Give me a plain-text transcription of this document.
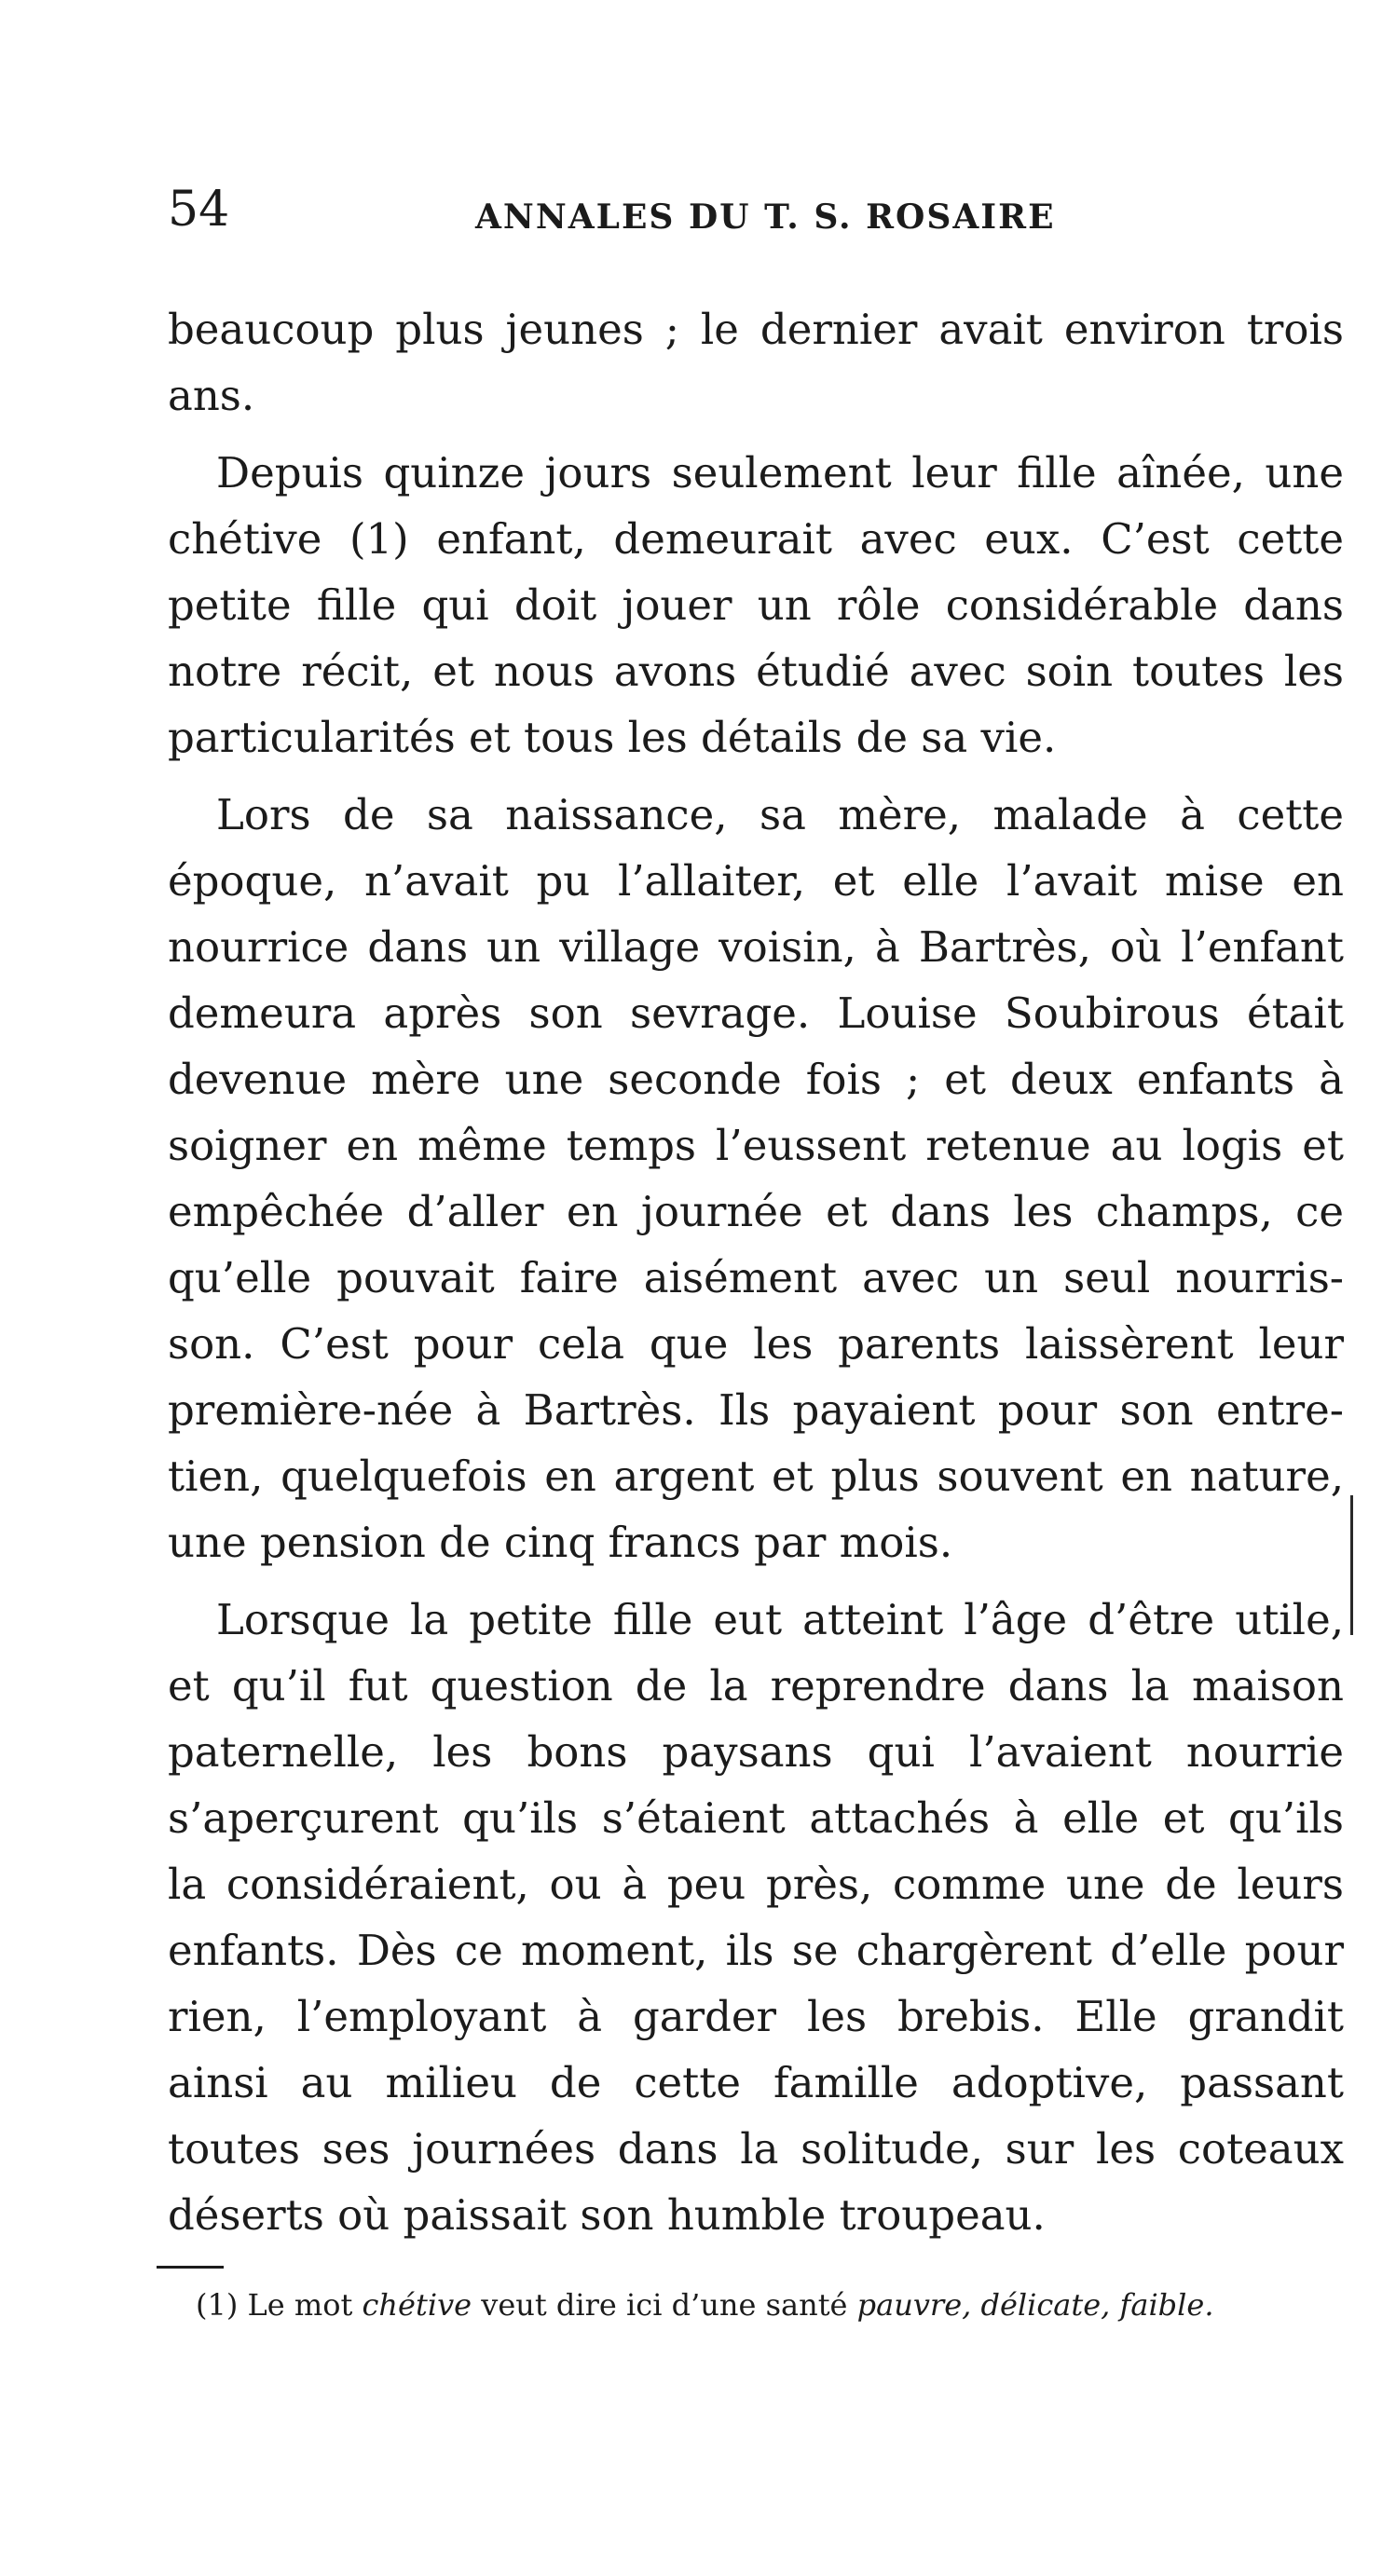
54	ANNALES DU T. S. ROSAIRE

beaucoup plus jeunes ; le dernier avait environ trois
ans.

Depuis quinze jours seulement leur fille aînée, une
chétive (1) enfant, demeurait avec eux. C’est cette
petite fille qui doit jouer un rôle considérable dans
notre récit, et nous avons étudié avec soin toutes les
particularités et tous les détails de sa vie.

Lors de sa naissance, sa mère, malade à cette
époque, n’avait pu l’allaiter, et elle l’avait mise en
nourrice dans un village voisin, à Bartrès, où l’enfant
demeura après son sevrage. Louise Soubirous était
devenue mère une seconde fois ; et deux enfants à
soigner en même temps l’eussent retenue au logis et
empêchée d’aller en journée et dans les champs, ce
qu’elle pouvait faire aisément avec un seul nourris-
son. C’est pour cela que les parents laissèrent leur
première-née à Bartrès. Ils payaient pour son entre-
tien, quelquefois en argent et plus souvent en nature,
une pension de cinq francs par mois.

Lorsque la petite fille eut atteint l’âge d’être utile,
et qu’il fut question de la reprendre dans la maison
paternelle, les bons paysans qui l’avaient nourrie
s’aperçurent qu’ils s’étaient attachés à elle et qu’ils
la considéraient, ou à peu près, comme une de leurs
enfants. Dès ce moment, ils se chargèrent d’elle pour
rien, l’employant à garder les brebis. Elle grandit
ainsi au milieu de cette famille adoptive, passant
toutes ses journées dans la solitude, sur les coteaux
déserts où paissait son humble troupeau.

(1) Le mot chétive veut dire ici d’une santé pauvre, délicate, faible.
